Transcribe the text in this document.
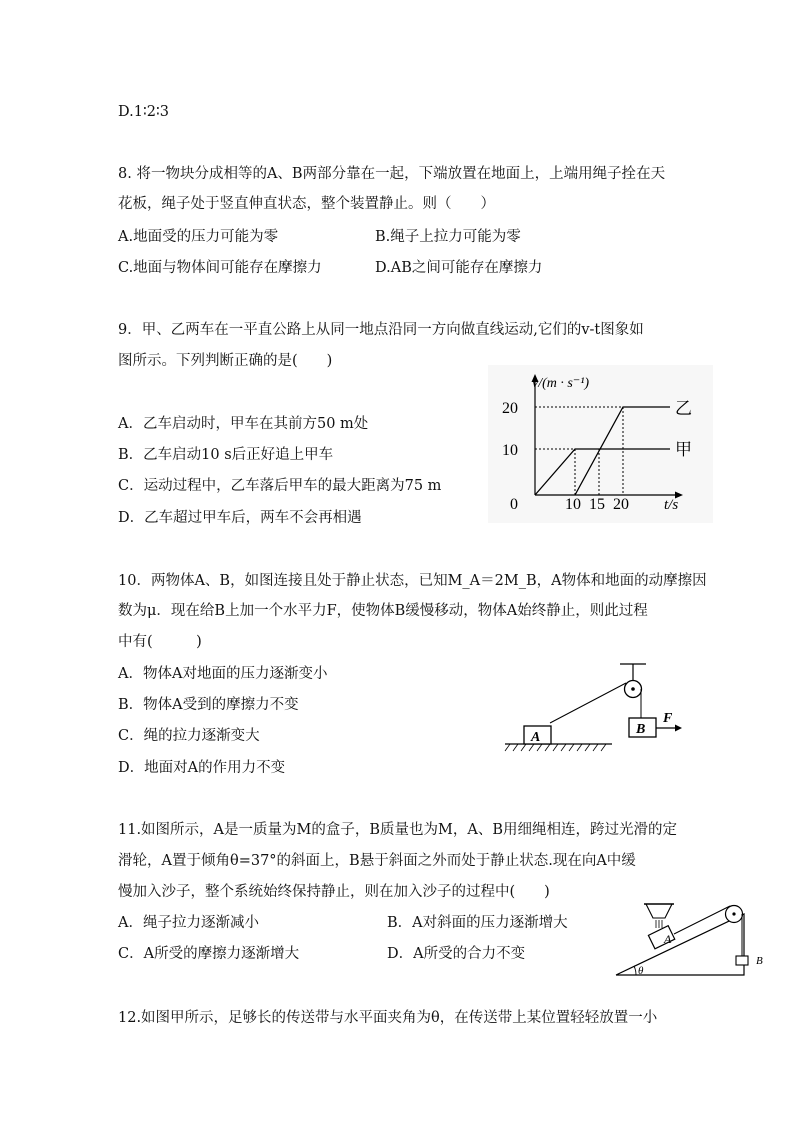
D.1∶2∶3
8. 将一物块分成相等的A、B两部分靠在一起，下端放置在地面上，上端用绳子拴在天
花板，绳子处于竖直伸直状态，整个装置静止。则（　　）
A.地面受的压力可能为零	B.绳子上拉力可能为零
C.地面与物体间可能存在摩擦力	D.AB之间可能存在摩擦力
9．甲、乙两车在一平直公路上从同一地点沿同一方向做直线运动,它们的v-t图象如
图所示。下列判断正确的是(　　)
A．乙车启动时，甲车在其前方50 m处
B．乙车启动10 s后正好追上甲车
C．运动过程中，乙车落后甲车的最大距离为75 m
D．乙车超过甲车后，两车不会再相遇
v/(m · s⁻¹)
20
10
0	10 15 20 t/s
乙
甲
10．两物体A、B，如图连接且处于静止状态，已知M_A＝2M_B，A物体和地面的动摩擦因
数为μ．现在给B上加一个水平力F，使物体B缓慢移动，物体A始终静止，则此过程
中有(　　　)
A．物体A对地面的压力逐渐变小
B．物体A受到的摩擦力不变
C．绳的拉力逐渐变大
D．地面对A的作用力不变
A
B
F
11.如图所示，A是一质量为M的盒子，B质量也为M，A、B用细绳相连，跨过光滑的定
滑轮，A置于倾角θ=37°的斜面上，B悬于斜面之外而处于静止状态.现在向A中缓
慢加入沙子，整个系统始终保持静止，则在加入沙子的过程中(　　)
A．绳子拉力逐渐减小	B．A对斜面的压力逐渐增大
C．A所受的摩擦力逐渐增大	D．A所受的合力不变
θ
A
B
12.如图甲所示，足够长的传送带与水平面夹角为θ，在传送带上某位置轻轻放置一小
